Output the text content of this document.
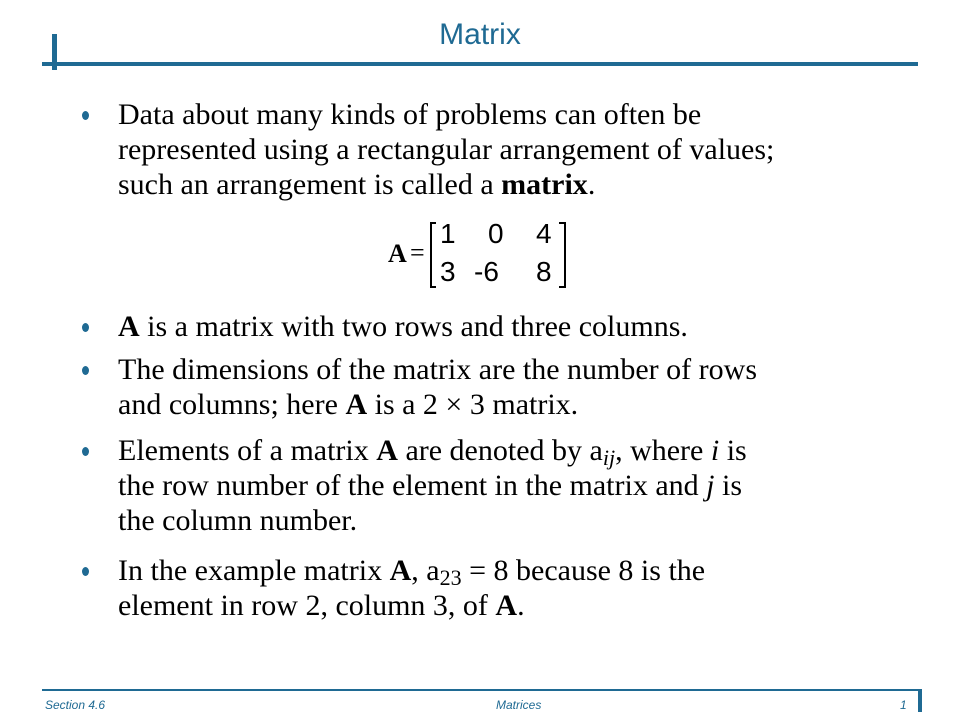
Matrix
Data about many kinds of problems can often be
represented using a rectangular arrangement of values;
such an arrangement is called a matrix.
A =
1 0 4
3 -6 8
A is a matrix with two rows and three columns.
The dimensions of the matrix are the number of rows
and columns; here A is a 2 × 3 matrix.
Elements of a matrix A are denoted by $a_{ij}$, where i is
the row number of the element in the matrix and j is
the column number.
In the example matrix A, $a_{23} = 8$ because 8 is the
element in row 2, column 3, of A.
Section 4.6	Matrices	1
